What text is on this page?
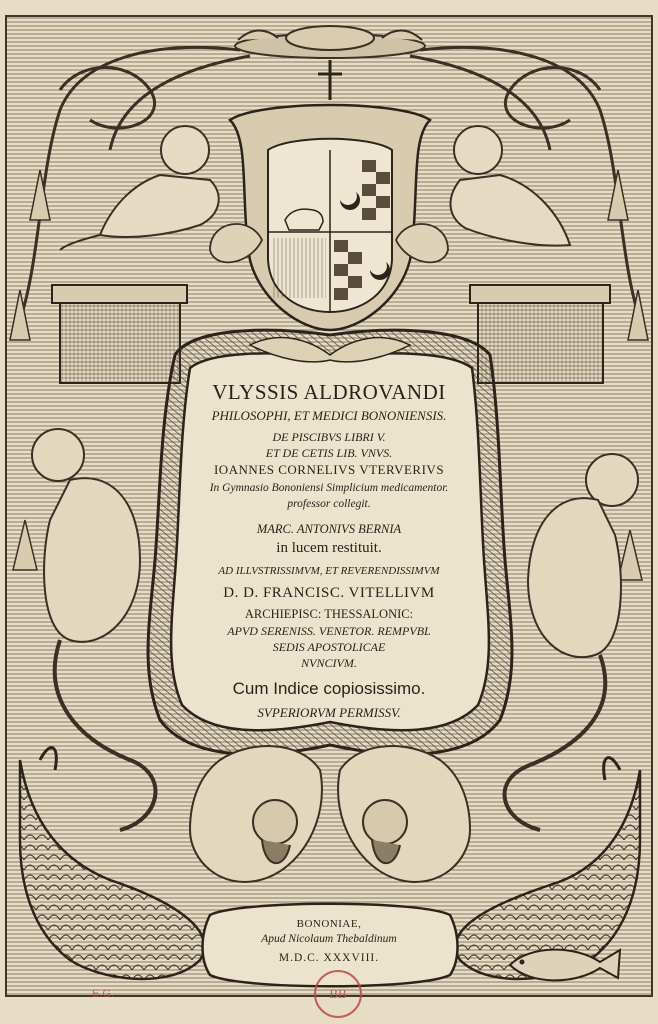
VLYSSIS ALDROVANDI
PHILOSOPHI, ET MEDICI BONONIENSIS.
DE PISCIBVS LIBRI V.
ET DE CETIS LIB. VNVS.
IOANNES CORNELIVS VTERVERIVS
In Gymnasio Bononiensi Simplicium medicamentor.
professor collegit.
MARC. ANTONIVS BERNIA
in lucem restituit.
AD ILLVSTRISSIMVM, ET REVERENDISSIMVM
D. D. FRANCISC. VITELLIVM
ARCHIEPISC: THESSALONIC:
APVD SERENISS. VENETOR. REMPVBL
SEDIS APOSTOLICAE
NVNCIVM.
Cum Indice copiosissimo.
SVPERIORVM PERMISSV.
BONONIAE,
Apud Nicolaum Thebaldinum
M.D.C. XXXVIII.
BB
E.G.
